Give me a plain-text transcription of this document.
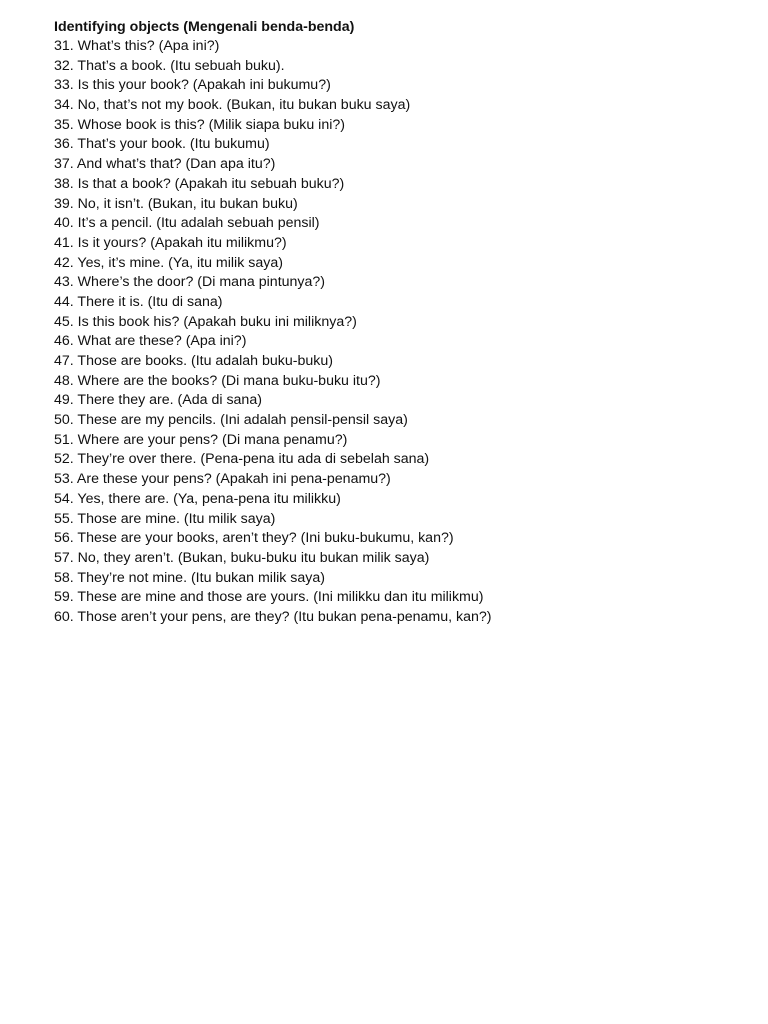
Identifying objects (Mengenali benda-benda)
31. What’s this? (Apa ini?)
32. That’s a book. (Itu sebuah buku).
33. Is this your book? (Apakah ini bukumu?)
34. No, that’s not my book. (Bukan, itu bukan buku saya)
35. Whose book is this? (Milik siapa buku ini?)
36. That’s your book. (Itu bukumu)
37. And what’s that? (Dan apa itu?)
38. Is that a book? (Apakah itu sebuah buku?)
39. No, it isn’t. (Bukan, itu bukan buku)
40. It’s a pencil. (Itu adalah sebuah pensil)
41. Is it yours? (Apakah itu milikmu?)
42. Yes, it’s mine. (Ya, itu milik saya)
43. Where’s the door? (Di mana pintunya?)
44. There it is. (Itu di sana)
45. Is this book his? (Apakah buku ini miliknya?)
46. What are these? (Apa ini?)
47. Those are books. (Itu adalah buku-buku)
48. Where are the books? (Di mana buku-buku itu?)
49. There they are. (Ada di sana)
50. These are my pencils. (Ini adalah pensil-pensil saya)
51. Where are your pens? (Di mana penamu?)
52. They’re over there. (Pena-pena itu ada di sebelah sana)
53. Are these your pens? (Apakah ini pena-penamu?)
54. Yes, there are. (Ya, pena-pena itu milikku)
55. Those are mine. (Itu milik saya)
56. These are your books, aren’t they? (Ini buku-bukumu, kan?)
57. No, they aren’t. (Bukan, buku-buku itu bukan milik saya)
58. They’re not mine. (Itu bukan milik saya)
59. These are mine and those are yours. (Ini milikku dan itu milikmu)
60. Those aren’t your pens, are they? (Itu bukan pena-penamu, kan?)
